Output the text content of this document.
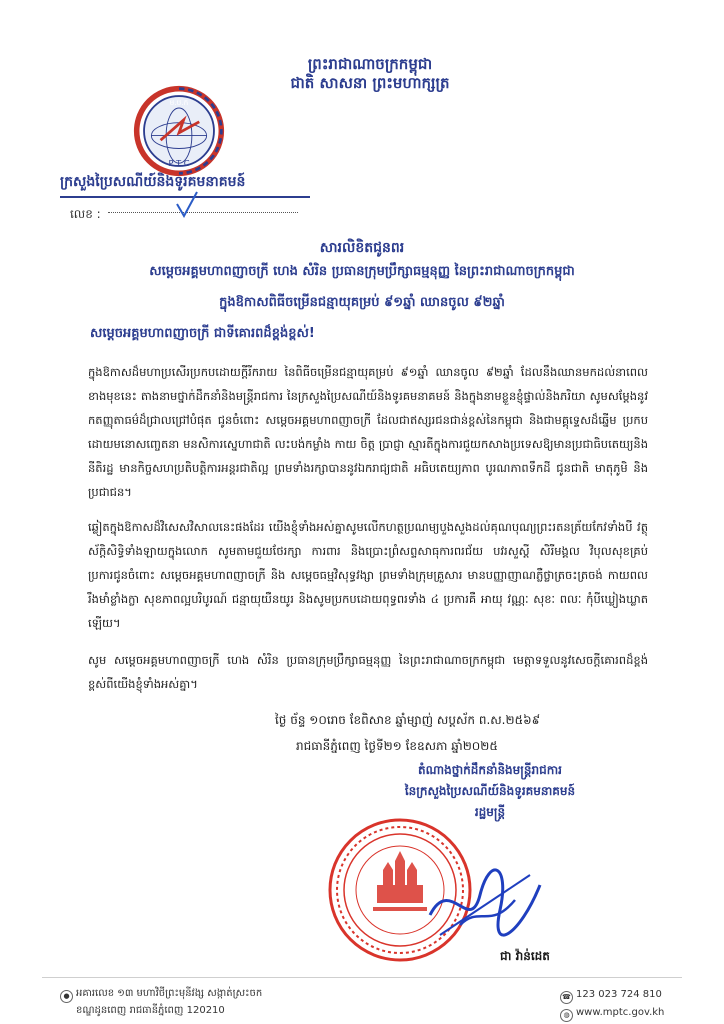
ព្រះរាជាណាចក្រកម្ពុជា
ជាតិ សាសនា ព្រះមហាក្សត្រ
ម.ប.ក
P T C
ក្រសួងប្រៃសណីយ៍និងទូរគមនាគមន៍
លេខ :
សារលិខិតជូនពរ
សម្ដេចអគ្គមហាពញាចក្រី ហេង សំរិន ប្រធានក្រុមប្រឹក្សាធម្មនុញ្ញ នៃព្រះរាជាណាចក្រកម្ពុជា
ក្នុងឱកាសពិធីចម្រើនជន្មាយុគម្រប់ ៩១ឆ្នាំ ឈានចូល ៩២ឆ្នាំ
សម្ដេចអគ្គមហាពញាចក្រី ជាទីគោរពដ៏ខ្ពង់ខ្ពស់!
ក្នុងឱកាសដ៏មហាប្រសើរប្រកបដោយក្តីរីករាយ នៃពិធីចម្រើនជន្មាយុគម្រប់ ៩១ឆ្នាំ ឈានចូល ៩២ឆ្នាំ ដែលនឹងឈានមកដល់នាពេលខាងមុខនេះ តាងនាមថ្នាក់ដឹកនាំនិងមន្ត្រីរាជការ នៃក្រសួងប្រៃសណីយ៍និងទូរគមនាគមន៍ និងក្នុងនាមខ្លួនខ្ញុំផ្ទាល់និងភរិយា សូមសម្ដែងនូវកតញ្ញុតាធម៌ដ៏ជ្រាលជ្រៅបំផុត ជូនចំពោះ សម្ដេចអគ្គមហាពញាចក្រី ដែលជាឥស្សរជនជាន់ខ្ពស់នៃកម្ពុជា និងជាមគ្គុទ្ទេសដ៏ឆ្នើម ប្រកបដោយមនោសញ្ចេតនា មនសិការស្នេហាជាតិ លះបង់កម្លាំង កាយ ចិត្ត ប្រាជ្ញា ស្មារតីក្នុងការជួយកសាងប្រទេសឱ្យមានប្រជាធិបតេយ្យនិងនីតិរដ្ឋ មានកិច្ចសហប្រតិបត្តិការអន្តរជាតិល្អ ព្រមទាំងរក្សាបាននូវឯករាជ្យជាតិ អធិបតេយ្យភាព បូរណភាពទឹកដី ជូនជាតិ មាតុភូមិ និងប្រជាជន។
ឆ្លៀតក្នុងឱកាសដ៏វិសេសវិសាលនេះផងដែរ យើងខ្ញុំទាំងអស់គ្នាសូមលើកហត្ថប្រណម្យបួងសួងដល់គុណបុណ្យព្រះរតនត្រ័យកែវទាំងបី វត្ថុស័ក្តិសិទ្ធិទាំងឡាយក្នុងលោក សូមតាមជួយថែរក្សា ការពារ និងប្រោះព្រំសព្ទសាធុការពរជ័យ បវរសួស្ដី សិរីមង្គល វិបុលសុខគ្រប់ប្រការជូនចំពោះ សម្ដេចអគ្គមហាពញាចក្រី និង សម្ដេចធម្មវិសុទ្ធវង្សា ព្រមទាំងក្រុមគ្រួសារ មានបញ្ញាញាណភ្លឺថ្លាត្រចះត្រចង់ កាយពលរឹងមាំខ្លាំងក្លា សុខភាពល្អបរិបូរណ៍ ជន្មាយុយឺនយូរ និងសូមប្រកបដោយពុទ្ធពរទាំង ៤ ប្រការគឺ អាយុ វណ្ណៈ សុខៈ ពលៈ កុំបីឃ្លៀងឃ្លាតឡើយ។
សូម សម្ដេចអគ្គមហាពញាចក្រី ហេង សំរិន ប្រធានក្រុមប្រឹក្សាធម្មនុញ្ញ នៃព្រះរាជាណាចក្រកម្ពុជា មេត្តាទទួលនូវសេចក្តីគោរពដ៏ខ្ពង់ខ្ពស់ពីយើងខ្ញុំទាំងអស់គ្នា។
ថ្ងៃ ច័ន្ទ ១០រោច ខែពិសាខ ឆ្នាំម្សាញ់ សប្តស័ក ព.ស.២៥៦៩
រាជធានីភ្នំពេញ ថ្ងៃទី២១ ខែឧសភា ឆ្នាំ២០២៥
តំណាងថ្នាក់ដឹកនាំនិងមន្ត្រីរាជការ
នៃក្រសួងប្រៃសណីយ៍និងទូរគមនាគមន៍
រដ្ឋមន្ត្រី
ជា វ៉ាន់ដេត
● អគារលេខ ១៣ មហាវិថីព្រះមុនីវង្ស សង្កាត់ស្រះចក
ខណ្ឌដូនពេញ រាជធានីភ្នំពេញ 120210
☎ 123 023 724 810
◍ www.mptc.gov.kh
